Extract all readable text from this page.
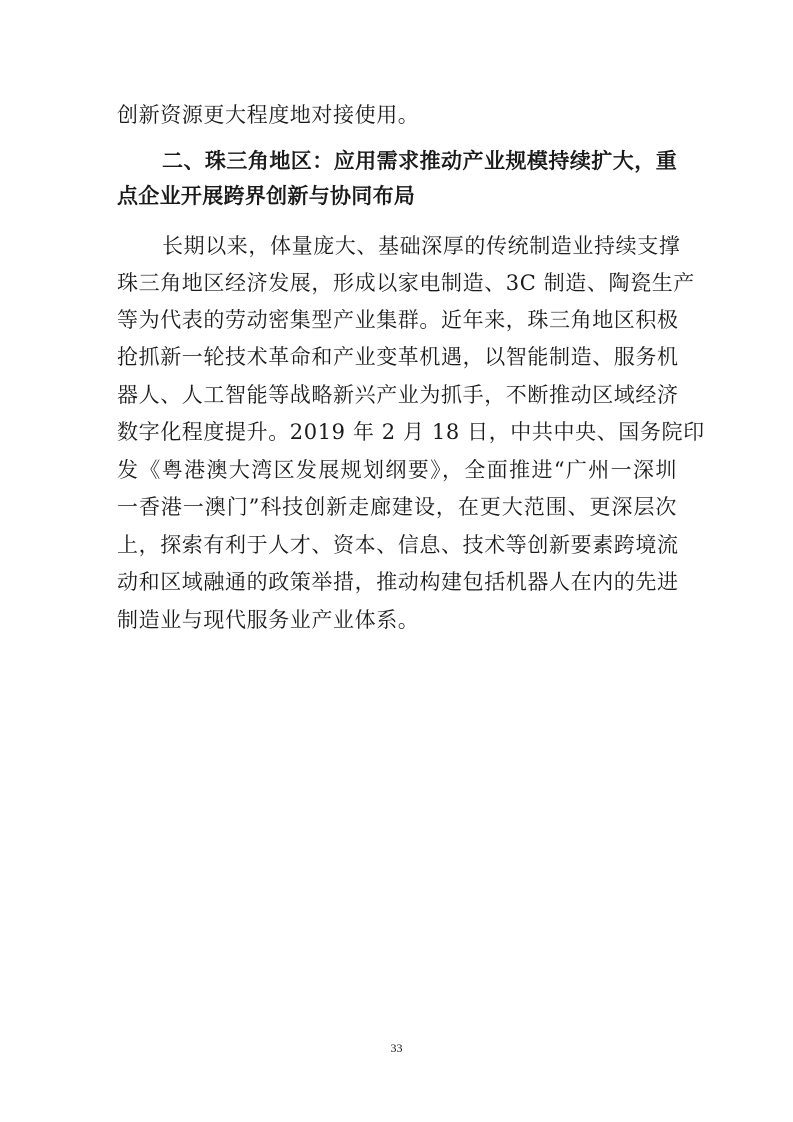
创新资源更大程度地对接使用。
二、珠三角地区：应用需求推动产业规模持续扩大，重
点企业开展跨界创新与协同布局
长期以来，体量庞大、基础深厚的传统制造业持续支撑
珠三角地区经济发展，形成以家电制造、3C 制造、陶瓷生产
等为代表的劳动密集型产业集群。近年来，珠三角地区积极
抢抓新一轮技术革命和产业变革机遇，以智能制造、服务机
器人、人工智能等战略新兴产业为抓手，不断推动区域经济
数字化程度提升。2019 年 2 月 18 日，中共中央、国务院印
发《粤港澳大湾区发展规划纲要》，全面推进“广州一深圳
一香港一澳门”科技创新走廊建设，在更大范围、更深层次
上，探索有利于人才、资本、信息、技术等创新要素跨境流
动和区域融通的政策举措，推动构建包括机器人在内的先进
制造业与现代服务业产业体系。
33
